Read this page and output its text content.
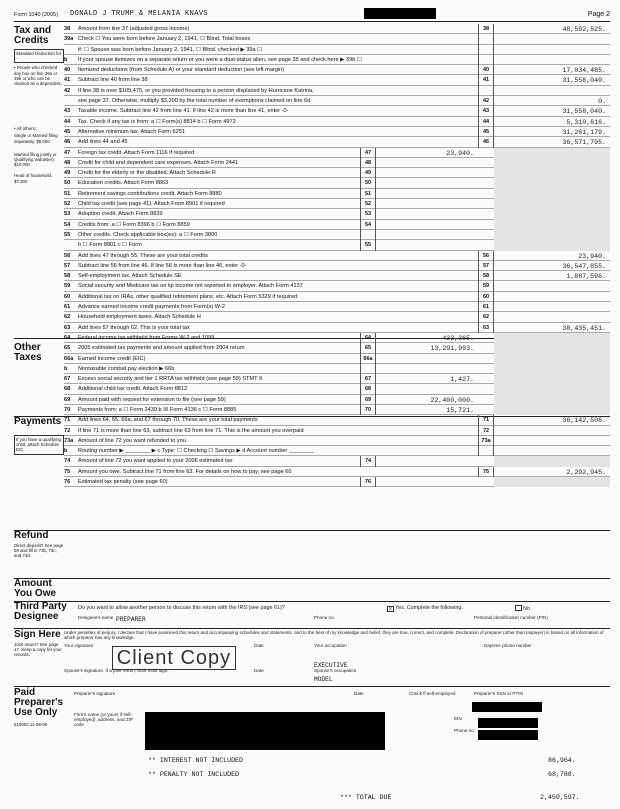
Form 1040 (2005) DONALD J TRUMP & MELANIA KNAVS	Page 2
Tax and Credits
Standard Deduction for -
• People who checked any box on line 39a or 39b or who can be claimed as a dependent,
• All others:
Single or Married filing separately, $5,000
Married filing jointly or Qualifying widow(er), $10,000
Head of household, $7,300
Other Taxes
Payments
If you have a qualifying child, attach Schedule EIC.
Refund
Direct deposit? See page 59 and fill in 73b, 73c, and 73d.
Amount You Owe
Third Party Designee
Sign Here
Joint return? See page 17. Keep a copy for your records.
Paid Preparer's Use Only
510002 11-08-05
38	Amount from line 37 (adjusted gross income)	38	48,592,525.
39a Check ☐ You were born before January 2, 1941, ☐ Blind. Total boxes
if: ☐ Spouse was born before January 2, 1941, ☐ Blind. checked ▶ 39a ☐
b	If your spouse itemizes on a separate return or you were a dual-status alien, see page 35 and check here ▶ 39b ☐
40	Itemized deductions (from Schedule A) or your standard deduction (see left margin)	40	17,034,485.
41	Subtract line 40 from line 38	41	31,558,040.
42	If line 38 is over $109,475, or you provided housing to a person displaced by Hurricane Katrina,
see page 37. Otherwise, multiply $3,200 by the total number of exemptions claimed on line 6d	42	0.
43	Taxable income. Subtract line 42 from line 41. If line 42 is more than line 41, enter -0-	43	31,558,040.
44	Tax. Check if any tax is from: a ☐ Form(s) 8814 b ☐ Form 4972	44	5,310,616.
45	Alternative minimum tax. Attach Form 6251	45	31,261,179.
46	Add lines 44 and 45	46	36,571,795.
47	Foreign tax credit. Attach Form 1116 if required	47	23,940.
48	Credit for child and dependent care expenses. Attach Form 2441	48
49	Credit for the elderly or the disabled. Attach Schedule R	49
50	Education credits. Attach Form 8863	50
51	Retirement savings contributions credit. Attach Form 8880	51
52	Child tax credit (see page 41). Attach Form 8901 if required	52
53	Adoption credit. Attach Form 8839	53
54	Credits from: a ☐ Form 8396 b ☐ Form 8859	54
55	Other credits. Check applicable box(es): a ☐ Form 3800
b ☐ Form 8801 c ☐ Form	55
56	Add lines 47 through 55. These are your total credits	56	23,940.
57	Subtract line 56 from line 46. If line 56 is more than line 46, enter -0-	57	36,547,855.
58	Self-employment tax. Attach Schedule SE	58	1,887,596.
59	Social security and Medicare tax on tip income not reported to employer. Attach Form 4137	59
60	Additional tax on IRAs, other qualified retirement plans, etc. Attach Form 5329 if required	60
61	Advance earned income credit payments from Form(s) W-2	61
62	Household employment taxes. Attach Schedule H	62
63	Add lines 57 through 62. This is your total tax	63	38,435,451.
64	Federal income tax withheld from Forms W-2 and 1099	64	433,365.
65	2005 estimated tax payments and amount applied from 2004 return	65	13,291,993.
66a Earned income credit (EIC)	66a
b	Nontaxable combat pay election ▶ 66b
67	Excess social security and tier 1 RRTA tax withheld (see page 59) STMT 9	67	1,427.
68	Additional child tax credit. Attach Form 8812	68
69	Amount paid with request for extension to file (see page 59)	69	22,400,000.
70	Payments from: a ☐ Form 2439 b ☒ Form 4136 c ☐ Form 8885	70	15,721.
71	Add lines 64, 65, 66a, and 67 through 70. These are your total payments	71	36,142,506.
72	If line 71 is more than line 63, subtract line 63 from line 71. This is the amount you overpaid	72
73a Amount of line 72 you want refunded to you	73a
b	Routing number ▶ ________ ▶ c Type: ☐ Checking ☐ Savings ▶ d Account number ________
74	Amount of line 72 you want applied to your 2006 estimated tax	74
75	Amount you owe. Subtract line 71 from line 63. For details on how to pay, see page 60	75	2,292,945.
76	Estimated tax penalty (see page 60)	76
Do you want to allow another person to discuss this return with the IRS (see page 61)?	x Yes. Complete the following.	No
Designee's name PREPARER	Phone no.	Personal identification number (PIN)
Under penalties of perjury, I declare that I have examined this return and accompanying schedules and statements, and to the best of my knowledge and belief, they are true, correct, and complete. Declaration of preparer (other than taxpayer) is based on all information of which preparer has any knowledge.
Your signature	Date	Your occupation
EXECUTIVE
Daytime phone number
Spouse's signature. If a joint return, both must sign.	Date	Spouse's occupation
MODEL
Client Copy
Preparer's signature	Date	Check if self-employed	Preparer's SSN or PTIN
Firm's name (or yours if self-employed), address, and ZIP code
EIN
Phone no.
** INTEREST NOT INCLUDED	86,964.
** PENALTY NOT INCLUDED	68,788.
*** TOTAL DUE	2,450,597.
